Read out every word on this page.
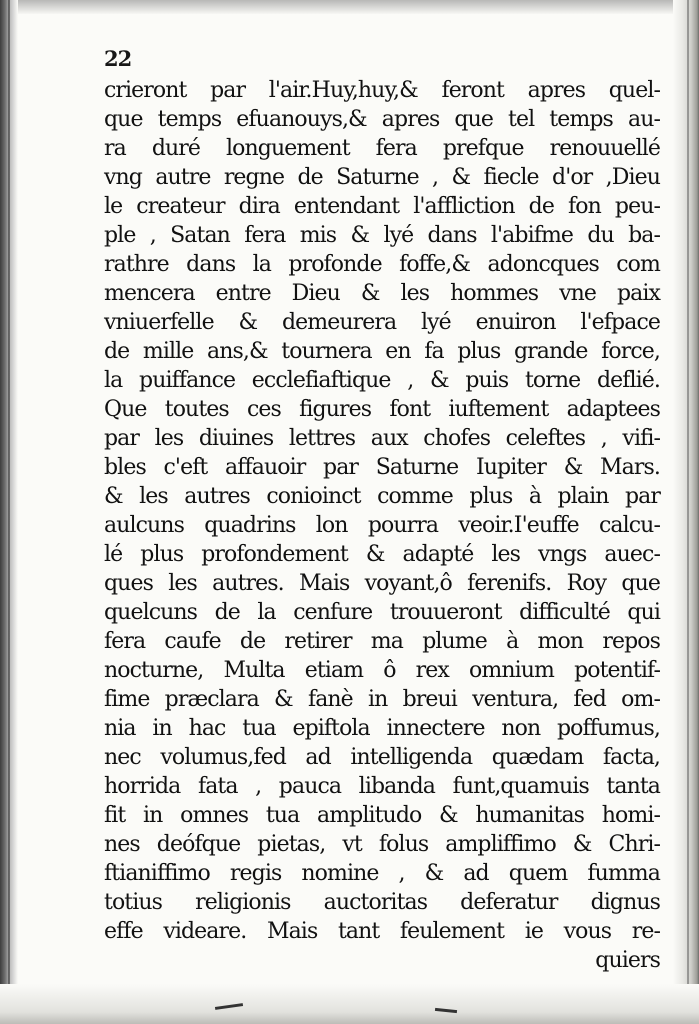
22
crieront par l'air.Huy,huy,& feront apres quel-
que temps efuanouys,& apres que tel temps au-
ra duré longuement fera prefque renouuellé
vng autre regne de Saturne , & fiecle d'or ,Dieu
le createur dira entendant l'affliction de fon peu-
ple , Satan fera mis & lyé dans l'abifme du ba-
rathre dans la profonde foffe,& adoncques com
mencera entre Dieu & les hommes vne paix
vniuerfelle & demeurera lyé enuiron l'efpace
de mille ans,& tournera en fa plus grande force,
la puiffance ecclefiaftique , & puis torne deflié.
Que toutes ces figures font iuftement adaptees
par les diuines lettres aux chofes celeftes , vifi-
bles c'eft affauoir par Saturne Iupiter & Mars.
& les autres conioinct comme plus à plain par
aulcuns quadrins lon pourra veoir.I'euffe calcu-
lé plus profondement & adapté les vngs auec-
ques les autres. Mais voyant,ô ferenifs. Roy que
quelcuns de la cenfure trouueront difficulté qui
fera caufe de retirer ma plume à mon repos
nocturne, Multa etiam ô rex omnium potentif-
fime præclara & fanè in breui ventura, fed om-
nia in hac tua epiftola innectere non poffumus,
nec volumus,fed ad intelligenda quædam facta,
horrida fata , pauca libanda funt,quamuis tanta
fit in omnes tua amplitudo & humanitas homi-
nes deófque pietas, vt folus ampliffimo & Chri-
ftianiffimo regis nomine , & ad quem fumma
totius religionis auctoritas deferatur dignus
effe videare. Mais tant feulement ie vous re-
quiers
